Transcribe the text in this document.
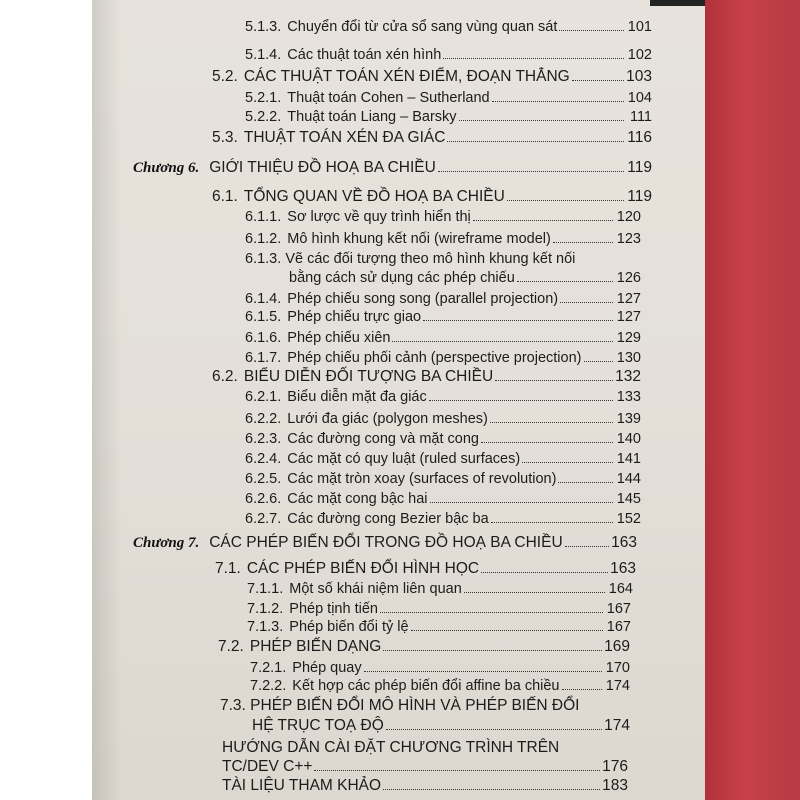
5.1.3. Chuyển đổi từ cửa sổ sang vùng quan sát	101
5.1.4. Các thuật toán xén hình	102
5.2. CÁC THUẬT TOÁN XÉN ĐIỂM, ĐOẠN THẲNG	103
5.2.1. Thuật toán Cohen – Sutherland	104
5.2.2. Thuật toán Liang – Barsky	111
5.3. THUẬT TOÁN XÉN ĐA GIÁC	116
Chương 6. GIỚI THIỆU ĐỒ HOẠ BA CHIỀU	119
6.1. TỔNG QUAN VỀ ĐỒ HOẠ BA CHIỀU	119
6.1.1. Sơ lược về quy trình hiển thị	120
6.1.2. Mô hình khung kết nối (wireframe model)	123
6.1.3. Vẽ các đối tượng theo mô hình khung kết nối
bằng cách sử dụng các phép chiếu	126
6.1.4. Phép chiếu song song (parallel projection)	127
6.1.5. Phép chiếu trực giao	127
6.1.6. Phép chiếu xiên	129
6.1.7. Phép chiếu phối cảnh (perspective projection) 130
6.2. BIỂU DIỄN ĐỐI TƯỢNG BA CHIỀU	132
6.2.1. Biểu diễn mặt đa giác	133
6.2.2. Lưới đa giác (polygon meshes)	139
6.2.3. Các đường cong và mặt cong	140
6.2.4. Các mặt có quy luật (ruled surfaces)	141
6.2.5. Các mặt tròn xoay (surfaces of revolution)	144
6.2.6. Các mặt cong bậc hai	145
6.2.7. Các đường cong Bezier bậc ba	152
Chương 7. CÁC PHÉP BIẾN ĐỔI TRONG ĐỒ HOẠ BA CHIỀU	163
7.1. CÁC PHÉP BIẾN ĐỔI HÌNH HỌC	163
7.1.1. Một số khái niệm liên quan	164
7.1.2. Phép tịnh tiến	167
7.1.3. Phép biến đổi tỷ lệ	167
7.2. PHÉP BIẾN DẠNG	169
7.2.1. Phép quay	170
7.2.2. Kết hợp các phép biến đổi affine ba chiều	174
7.3. PHÉP BIẾN ĐỔI MÔ HÌNH VÀ PHÉP BIẾN ĐỔI
HỆ TRỤC TOẠ ĐỘ	174
HƯỚNG DẪN CÀI ĐẶT CHƯƠNG TRÌNH TRÊN
TC/DEV C++	176
TÀI LIỆU THAM KHẢO	183
